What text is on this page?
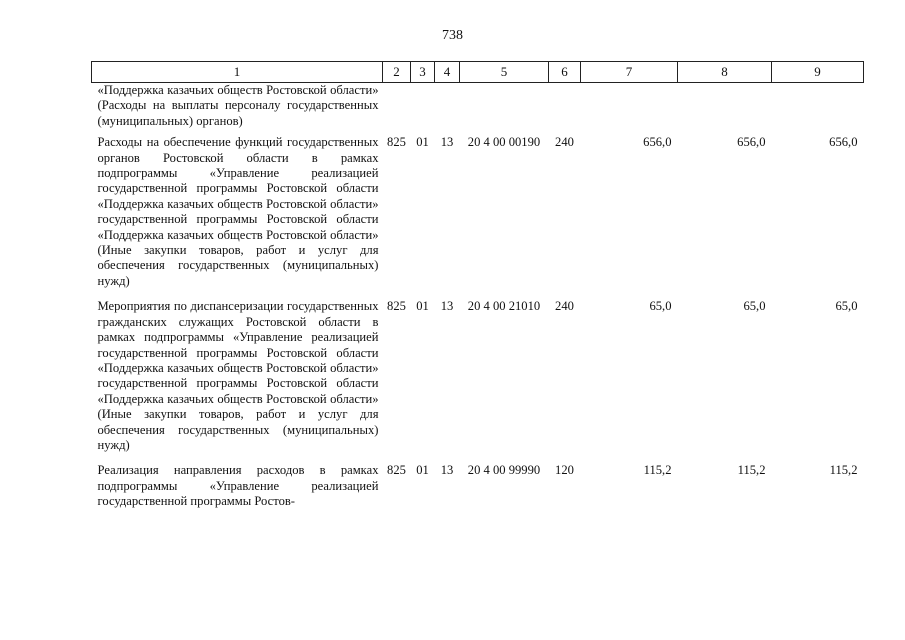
738
1	2	3	4	5	6	7	8	9
«Поддержка казачьих обществ Ростовской области» (Расходы на выплаты персоналу государственных (муниципальных) органов)								
Расходы на обеспечение функций государственных органов Ростовской области в рамках подпрограммы «Управление реализацией государственной программы Ростовской области «Поддержка казачьих обществ Ростовской области» государственной программы Ростовской области «Поддержка казачьих обществ Ростовской области» (Иные закупки товаров, работ и услуг для обеспечения государственных (муниципальных) нужд)	825	01	13	20 4 00 00190	240	656,0	656,0	656,0
Мероприятия по диспансеризации государственных гражданских служащих Ростовской области в рамках подпрограммы «Управление реализацией государственной программы Ростовской области «Поддержка казачьих обществ Ростовской области» государственной программы Ростовской области «Поддержка казачьих обществ Ростовской области» (Иные закупки товаров, работ и услуг для обеспечения государственных (муниципальных) нужд)	825	01	13	20 4 00 21010	240	65,0	65,0	65,0
Реализация направления расходов в рамках подпрограммы «Управление реализацией государственной программы Ростов-	825	01	13	20 4 00 99990	120	115,2	115,2	115,2
